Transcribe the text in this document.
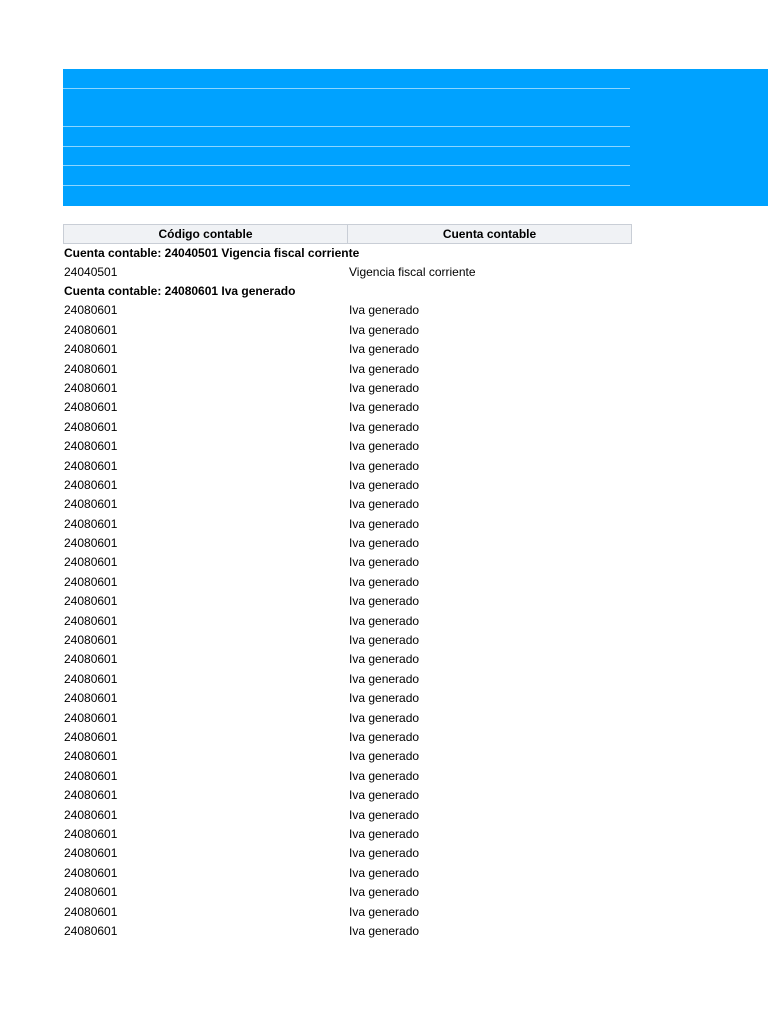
Código contable	Cuenta contable
Cuenta contable: 24040501 Vigencia fiscal corriente
24040501	Vigencia fiscal corriente
Cuenta contable: 24080601 Iva generado
24080601	Iva generado
24080601	Iva generado
24080601	Iva generado
24080601	Iva generado
24080601	Iva generado
24080601	Iva generado
24080601	Iva generado
24080601	Iva generado
24080601	Iva generado
24080601	Iva generado
24080601	Iva generado
24080601	Iva generado
24080601	Iva generado
24080601	Iva generado
24080601	Iva generado
24080601	Iva generado
24080601	Iva generado
24080601	Iva generado
24080601	Iva generado
24080601	Iva generado
24080601	Iva generado
24080601	Iva generado
24080601	Iva generado
24080601	Iva generado
24080601	Iva generado
24080601	Iva generado
24080601	Iva generado
24080601	Iva generado
24080601	Iva generado
24080601	Iva generado
24080601	Iva generado
24080601	Iva generado
24080601	Iva generado
